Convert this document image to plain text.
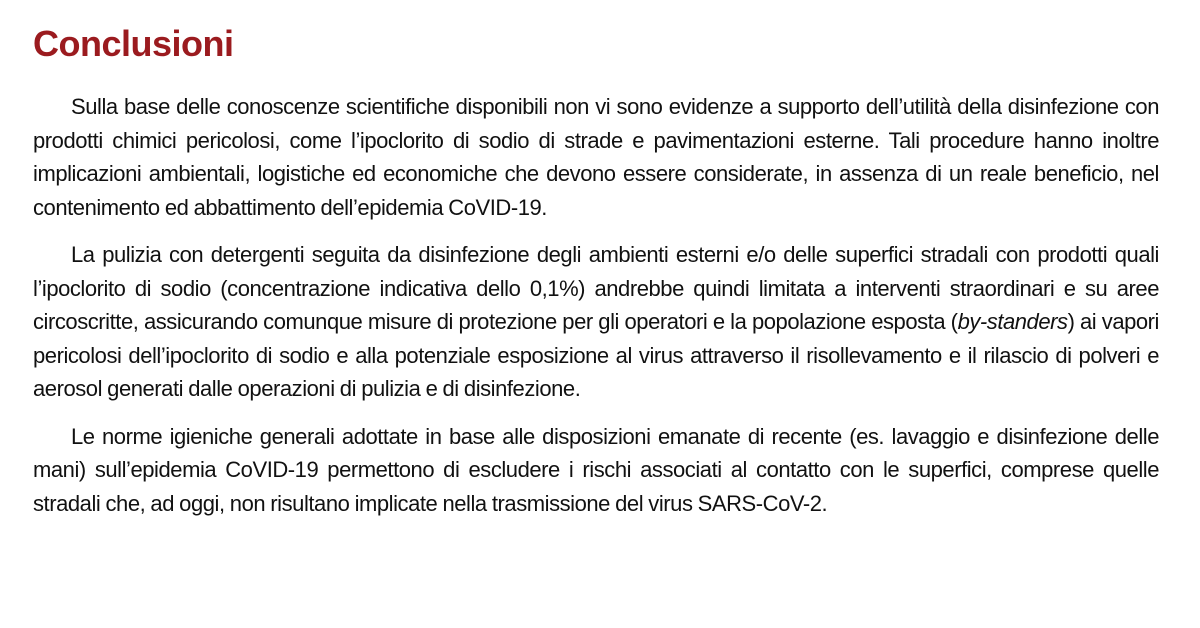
Conclusioni

Sulla base delle conoscenze scientifiche disponibili non vi sono evidenze a supporto dell’utilità della disinfezione con prodotti chimici pericolosi, come l’ipoclorito di sodio di strade e pavimentazioni esterne. Tali procedure hanno inoltre implicazioni ambientali, logistiche ed economiche che devono essere considerate, in assenza di un reale beneficio, nel contenimento ed abbattimento dell’epidemia CoVID-19.

La pulizia con detergenti seguita da disinfezione degli ambienti esterni e/o delle superfici stradali con prodotti quali l’ipoclorito di sodio (concentrazione indicativa dello 0,1%) andrebbe quindi limitata a interventi straordinari e su aree circoscritte, assicurando comunque misure di protezione per gli operatori e la popolazione esposta (by-standers) ai vapori pericolosi dell’ipoclorito di sodio e alla potenziale esposizione al virus attraverso il risollevamento e il rilascio di polveri e aerosol generati dalle operazioni di pulizia e di disinfezione.

Le norme igieniche generali adottate in base alle disposizioni emanate di recente (es. lavaggio e disinfezione delle mani) sull’epidemia CoVID-19 permettono di escludere i rischi associati al contatto con le superfici, comprese quelle stradali che, ad oggi, non risultano implicate nella trasmissione del virus SARS-CoV-2.
